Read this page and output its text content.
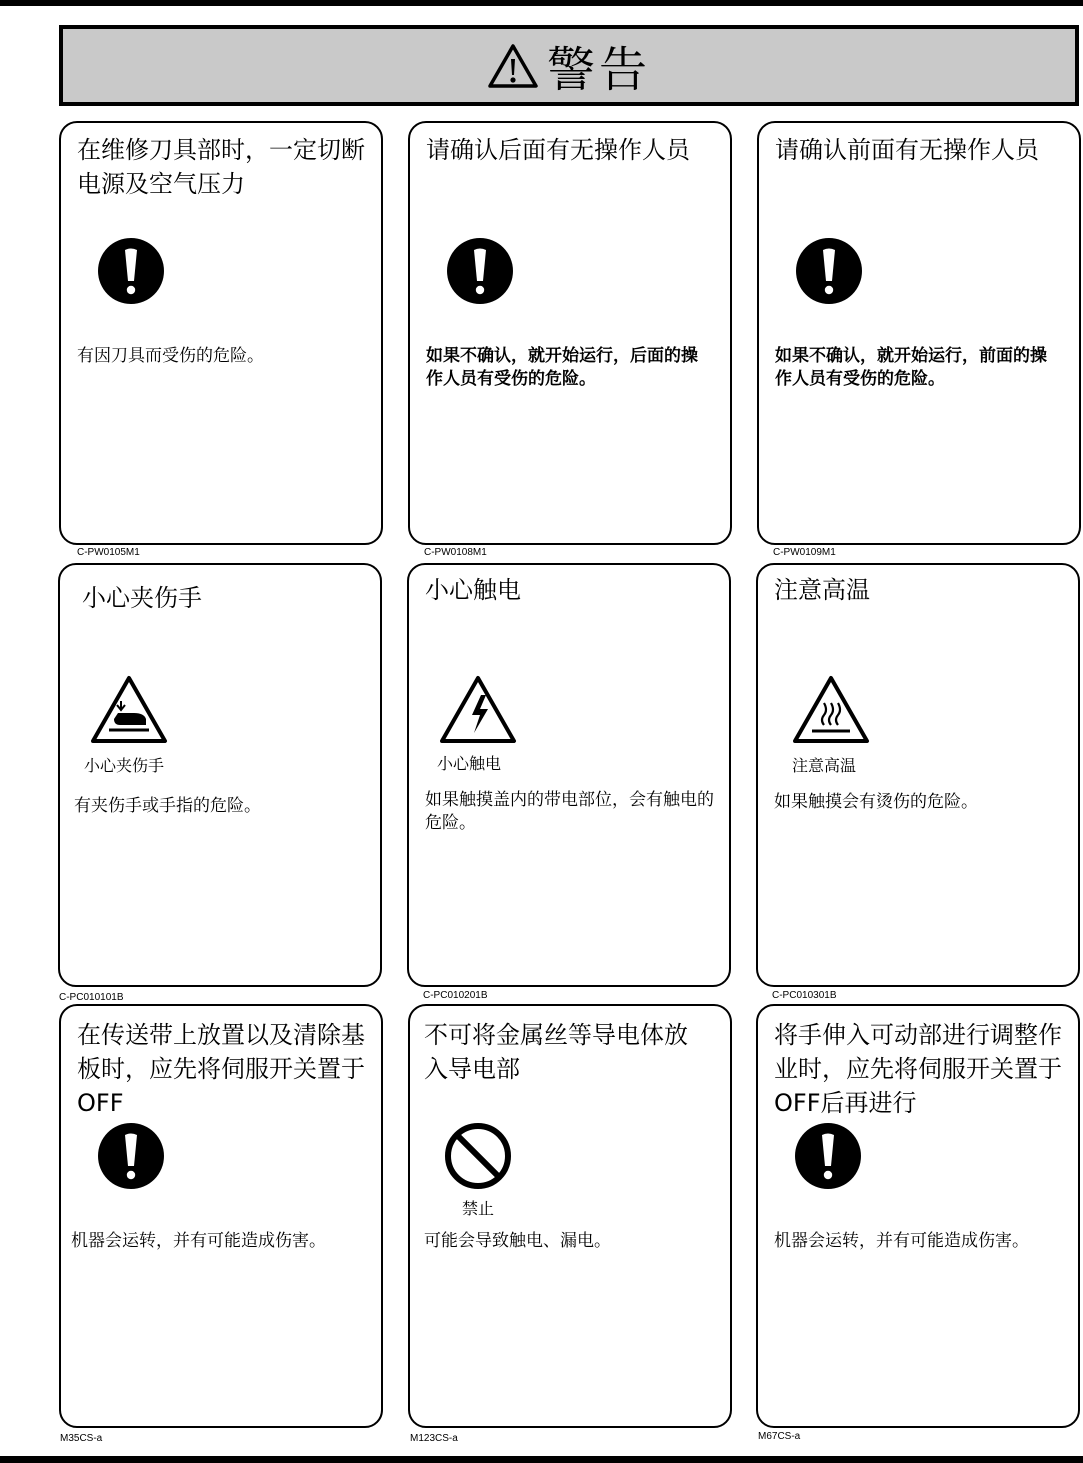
警告
在维修刀具部时，一定切断电源及空气压力
有因刀具而受伤的危险。
C-PW0105M1
请确认后面有无操作人员
如果不确认，就开始运行，后面的操作人员有受伤的危险。
C-PW0108M1
请确认前面有无操作人员
如果不确认，就开始运行，前面的操作人员有受伤的危险。
C-PW0109M1
小心夹伤手
小心夹伤手
有夹伤手或手指的危险。
C-PC010101B
小心触电
小心触电
如果触摸盖内的带电部位，会有触电的危险。
C-PC010201B
注意高温
注意高温
如果触摸会有烫伤的危险。
C-PC010301B
在传送带上放置以及清除基板时，应先将伺服开关置于OFF
机器会运转，并有可能造成伤害。
M35CS-a
不可将金属丝等导电体放入导电部
禁止
可能会导致触电、漏电。
M123CS-a
将手伸入可动部进行调整作业时，应先将伺服开关置于OFF后再进行
机器会运转，并有可能造成伤害。
M67CS-a
